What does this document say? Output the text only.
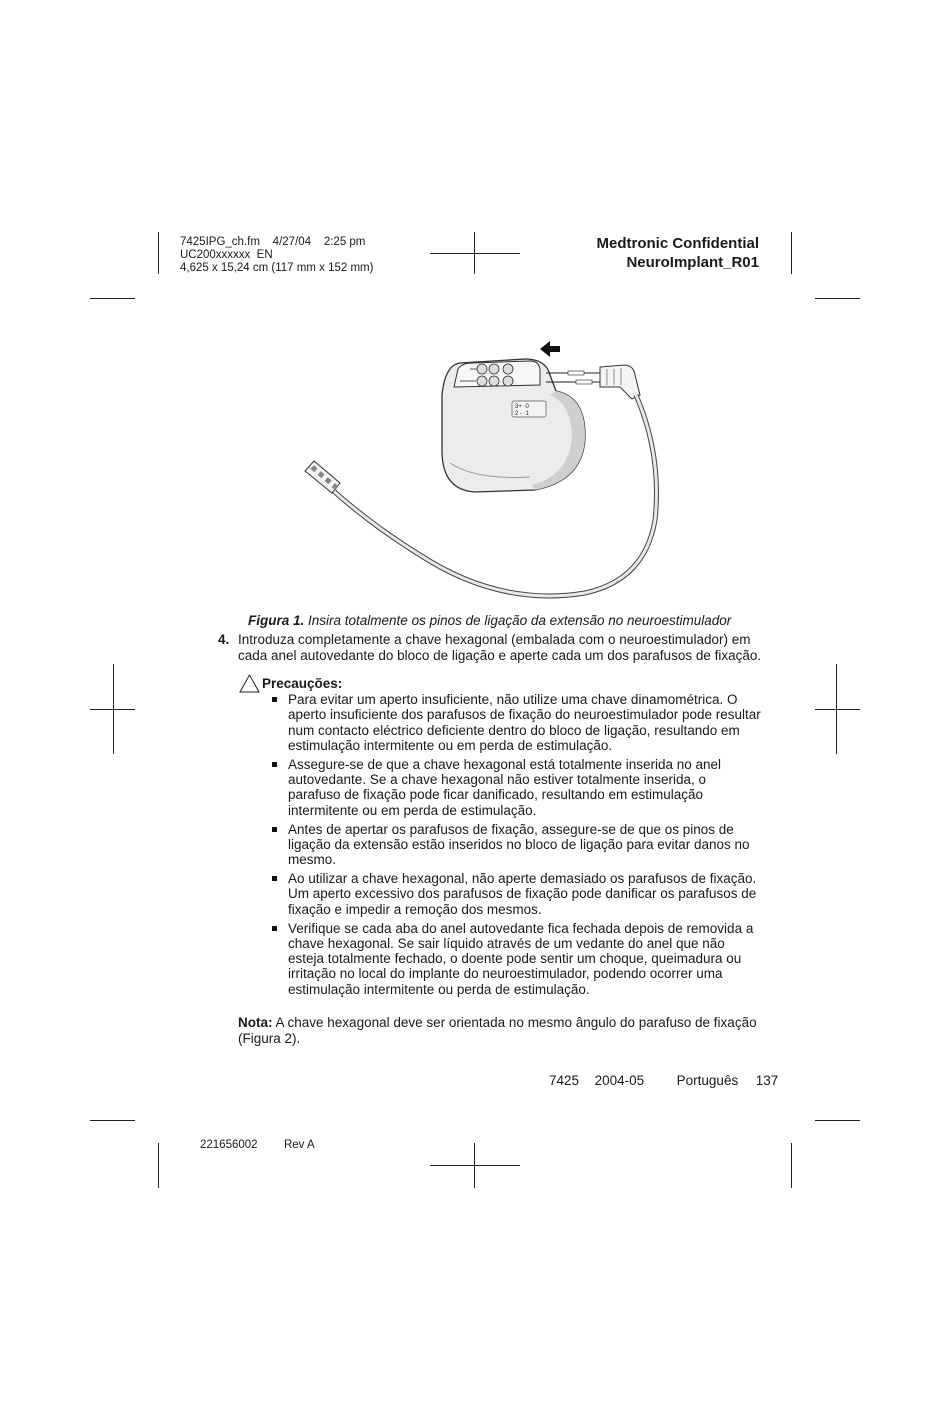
7425IPG_ch.fm    4/27/04    2:25 pm
UC200xxxxxx  EN
4,625 x 15,24 cm (117 mm x 152 mm)
Medtronic Confidential
NeuroImplant_R01
3+ ·0
2 - ·1
Figura 1. Insira totalmente os pinos de ligação da extensão no neuroestimulador
4. Introduza completamente a chave hexagonal (embalada com o neuroestimulador) em cada anel autovedante do bloco de ligação e aperte cada um dos parafusos de fixação.
Precauções:
Para evitar um aperto insuficiente, não utilize uma chave dinamométrica. O aperto insuficiente dos parafusos de fixação do neuroestimulador pode resultar num contacto eléctrico deficiente dentro do bloco de ligação, resultando em estimulação intermitente ou em perda de estimulação.
Assegure-se de que a chave hexagonal está totalmente inserida no anel autovedante. Se a chave hexagonal não estiver totalmente inserida, o parafuso de fixação pode ficar danificado, resultando em estimulação intermitente ou em perda de estimulação.
Antes de apertar os parafusos de fixação, assegure-se de que os pinos de ligação da extensão estão inseridos no bloco de ligação para evitar danos no mesmo.
Ao utilizar a chave hexagonal, não aperte demasiado os parafusos de fixação. Um aperto excessivo dos parafusos de fixação pode danificar os parafusos de fixação e impedir a remoção dos mesmos.
Verifique se cada aba do anel autovedante fica fechada depois de removida a chave hexagonal. Se sair líquido através de um vedante do anel que não esteja totalmente fechado, o doente pode sentir um choque, queimadura ou irritação no local do implante do neuroestimulador, podendo ocorrer uma estimulação intermitente ou perda de estimulação.
Nota: A chave hexagonal deve ser orientada no mesmo ângulo do parafuso de fixação (Figura 2).
7425 2004-05 Português 137
221656002 Rev A
